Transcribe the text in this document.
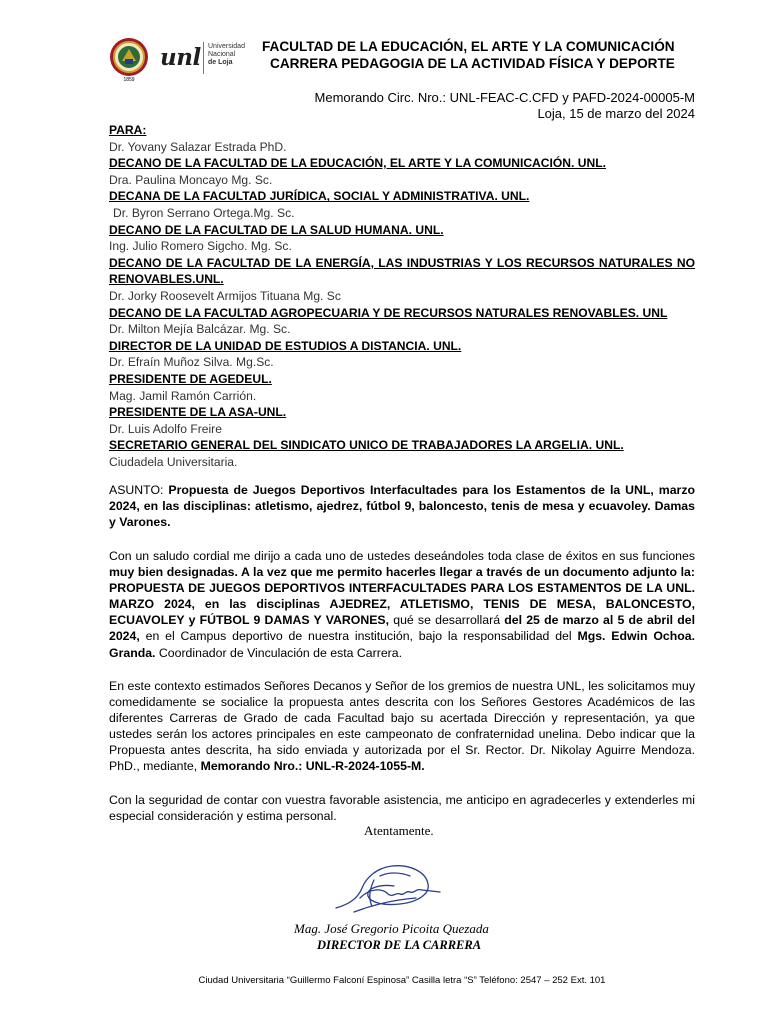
1859
unl Universidad
Nacional
de Loja
FACULTAD DE LA EDUCACIÓN, EL ARTE Y LA COMUNICACIÓN
CARRERA PEDAGOGIA DE LA ACTIVIDAD FÍSICA Y DEPORTE
Memorando Circ. Nro.: UNL-FEAC-C.CFD y PAFD-2024-00005-M
Loja, 15 de marzo del 2024
PARA:
Dr. Yovany Salazar Estrada PhD.
DECANO DE LA FACULTAD DE LA EDUCACIÓN, EL ARTE Y LA COMUNICACIÓN. UNL.
Dra. Paulina Moncayo Mg. Sc.
DECANA DE LA FACULTAD JURÍDICA, SOCIAL Y ADMINISTRATIVA. UNL.
Dr. Byron Serrano Ortega.Mg. Sc.
DECANO DE LA FACULTAD DE LA SALUD HUMANA. UNL.
Ing. Julio Romero Sigcho. Mg. Sc.
DECANO DE LA FACULTAD DE LA ENERGÍA, LAS INDUSTRIAS Y LOS RECURSOS NATURALES NO RENOVABLES.UNL.
Dr. Jorky Roosevelt Armijos Tituana Mg. Sc
DECANO DE LA FACULTAD AGROPECUARIA Y DE RECURSOS NATURALES RENOVABLES. UNL
Dr. Milton Mejía Balcázar. Mg. Sc.
DIRECTOR DE LA UNIDAD DE ESTUDIOS A DISTANCIA. UNL.
Dr. Efraín Muñoz Silva. Mg.Sc.
PRESIDENTE DE AGEDEUL.
Mag. Jamil Ramón Carrión.
PRESIDENTE DE LA ASA-UNL.
Dr. Luis Adolfo Freire
SECRETARIO GENERAL DEL SINDICATO UNICO DE TRABAJADORES LA ARGELIA. UNL.
Ciudadela Universitaria.
ASUNTO: Propuesta de Juegos Deportivos Interfacultades para los Estamentos de la UNL, marzo 2024, en las disciplinas: atletismo, ajedrez, fútbol 9, baloncesto, tenis de mesa y ecuavoley. Damas y Varones.
Con un saludo cordial me dirijo a cada uno de ustedes deseándoles toda clase de éxitos en sus funciones muy bien designadas. A la vez que me permito hacerles llegar a través de un documento adjunto la: PROPUESTA DE JUEGOS DEPORTIVOS INTERFACULTADES PARA LOS ESTAMENTOS DE LA UNL. MARZO 2024, en las disciplinas AJEDREZ, ATLETISMO, TENIS DE MESA, BALONCESTO, ECUAVOLEY y FÚTBOL 9 DAMAS Y VARONES, qué se desarrollará del 25 de marzo al 5 de abril del 2024, en el Campus deportivo de nuestra institución, bajo la responsabilidad del Mgs. Edwin Ochoa. Granda. Coordinador de Vinculación de esta Carrera.
En este contexto estimados Señores Decanos y Señor de los gremios de nuestra UNL, les solicitamos muy comedidamente se socialice la propuesta antes descrita con los Señores Gestores Académicos de las diferentes Carreras de Grado de cada Facultad bajo su acertada Dirección y representación, ya que ustedes serán los actores principales en este campeonato de confraternidad unelina. Debo indicar que la Propuesta antes descrita, ha sido enviada y autorizada por el Sr. Rector. Dr. Nikolay Aguirre Mendoza. PhD., mediante, Memorando Nro.: UNL-R-2024-1055-M.
Con la seguridad de contar con vuestra favorable asistencia, me anticipo en agradecerles y extenderles mi especial consideración y estima personal.
Atentamente.
Mag. José Gregorio Picoita Quezada
DIRECTOR DE LA CARRERA
Ciudad Universitaria “Guillermo Falconí Espinosa” Casilla letra “S” Teléfono: 2547 – 252 Ext. 101
